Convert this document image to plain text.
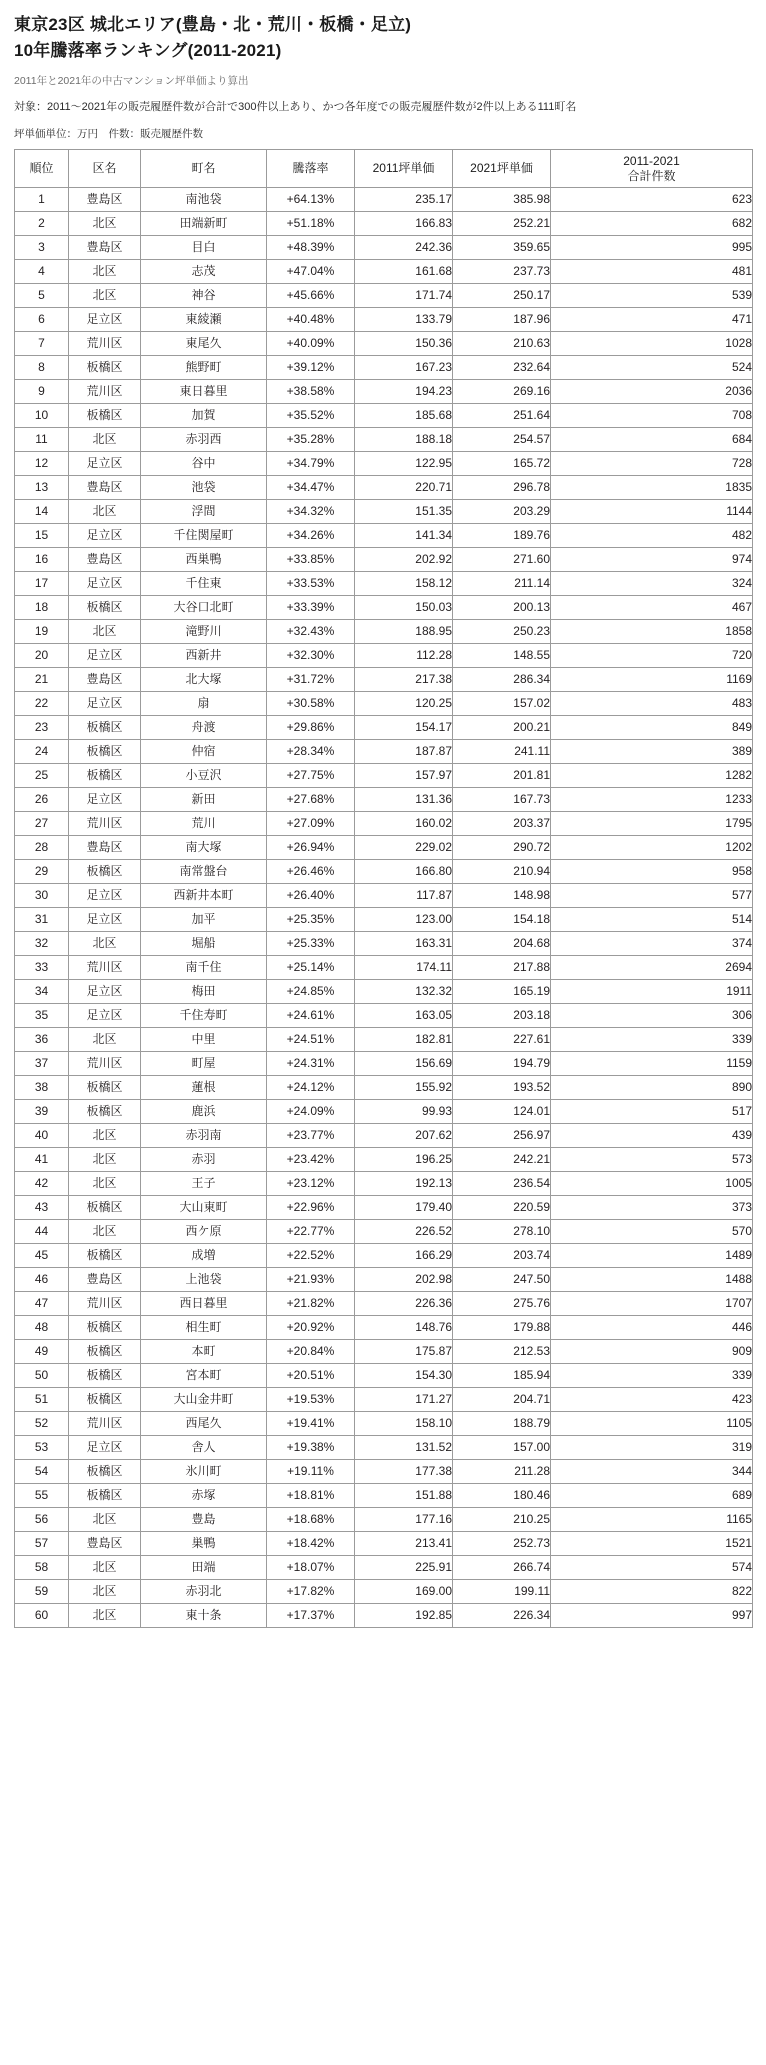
東京23区 城北エリア(豊島・北・荒川・板橋・足立)
10年騰落率ランキング(2011-2021)
2011年と2021年の中古マンション坪単価より算出
対象：2011〜2021年の販売履歴件数が合計で300件以上あり、かつ各年度での販売履歴件数が2件以上ある111町名
坪単価単位：万円　件数：販売履歴件数
順位	区名	町名	騰落率	2011坪単価	2021坪単価	2011-2021
合計件数

1	豊島区	南池袋	+64.13%	235.17	385.98	623
2	北区	田端新町	+51.18%	166.83	252.21	682
3	豊島区	目白	+48.39%	242.36	359.65	995
4	北区	志茂	+47.04%	161.68	237.73	481
5	北区	神谷	+45.66%	171.74	250.17	539
6	足立区	東綾瀬	+40.48%	133.79	187.96	471
7	荒川区	東尾久	+40.09%	150.36	210.63	1028
8	板橋区	熊野町	+39.12%	167.23	232.64	524
9	荒川区	東日暮里	+38.58%	194.23	269.16	2036
10	板橋区	加賀	+35.52%	185.68	251.64	708
11	北区	赤羽西	+35.28%	188.18	254.57	684
12	足立区	谷中	+34.79%	122.95	165.72	728
13	豊島区	池袋	+34.47%	220.71	296.78	1835
14	北区	浮間	+34.32%	151.35	203.29	1144
15	足立区	千住関屋町	+34.26%	141.34	189.76	482
16	豊島区	西巣鴨	+33.85%	202.92	271.60	974
17	足立区	千住東	+33.53%	158.12	211.14	324
18	板橋区	大谷口北町	+33.39%	150.03	200.13	467
19	北区	滝野川	+32.43%	188.95	250.23	1858
20	足立区	西新井	+32.30%	112.28	148.55	720
21	豊島区	北大塚	+31.72%	217.38	286.34	1169
22	足立区	扇	+30.58%	120.25	157.02	483
23	板橋区	舟渡	+29.86%	154.17	200.21	849
24	板橋区	仲宿	+28.34%	187.87	241.11	389
25	板橋区	小豆沢	+27.75%	157.97	201.81	1282
26	足立区	新田	+27.68%	131.36	167.73	1233
27	荒川区	荒川	+27.09%	160.02	203.37	1795
28	豊島区	南大塚	+26.94%	229.02	290.72	1202
29	板橋区	南常盤台	+26.46%	166.80	210.94	958
30	足立区	西新井本町	+26.40%	117.87	148.98	577
31	足立区	加平	+25.35%	123.00	154.18	514
32	北区	堀船	+25.33%	163.31	204.68	374
33	荒川区	南千住	+25.14%	174.11	217.88	2694
34	足立区	梅田	+24.85%	132.32	165.19	1911
35	足立区	千住寿町	+24.61%	163.05	203.18	306
36	北区	中里	+24.51%	182.81	227.61	339
37	荒川区	町屋	+24.31%	156.69	194.79	1159
38	板橋区	蓮根	+24.12%	155.92	193.52	890
39	板橋区	鹿浜	+24.09%	99.93	124.01	517
40	北区	赤羽南	+23.77%	207.62	256.97	439
41	北区	赤羽	+23.42%	196.25	242.21	573
42	北区	王子	+23.12%	192.13	236.54	1005
43	板橋区	大山東町	+22.96%	179.40	220.59	373
44	北区	西ケ原	+22.77%	226.52	278.10	570
45	板橋区	成増	+22.52%	166.29	203.74	1489
46	豊島区	上池袋	+21.93%	202.98	247.50	1488
47	荒川区	西日暮里	+21.82%	226.36	275.76	1707
48	板橋区	相生町	+20.92%	148.76	179.88	446
49	板橋区	本町	+20.84%	175.87	212.53	909
50	板橋区	宮本町	+20.51%	154.30	185.94	339
51	板橋区	大山金井町	+19.53%	171.27	204.71	423
52	荒川区	西尾久	+19.41%	158.10	188.79	1105
53	足立区	舎人	+19.38%	131.52	157.00	319
54	板橋区	氷川町	+19.11%	177.38	211.28	344
55	板橋区	赤塚	+18.81%	151.88	180.46	689
56	北区	豊島	+18.68%	177.16	210.25	1165
57	豊島区	巣鴨	+18.42%	213.41	252.73	1521
58	北区	田端	+18.07%	225.91	266.74	574
59	北区	赤羽北	+17.82%	169.00	199.11	822
60	北区	東十条	+17.37%	192.85	226.34	997
